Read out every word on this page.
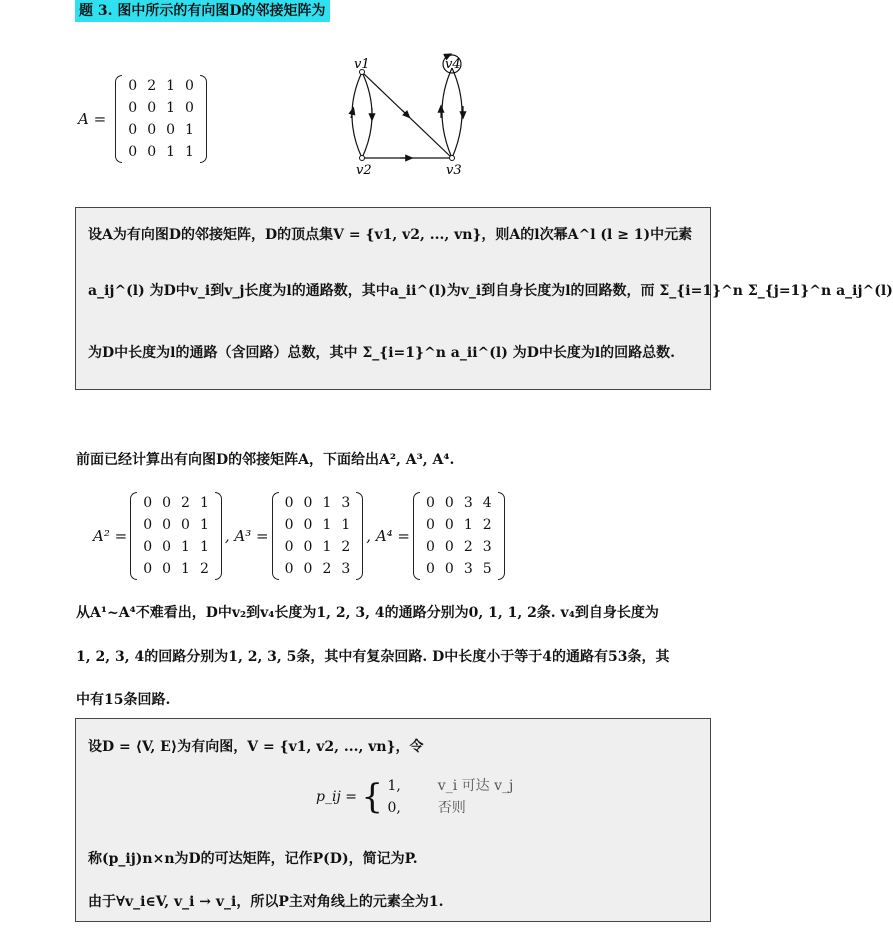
题 3. 图中所示的有向图D的邻接矩阵为
A =
0	2	1	0
0	0	1	0
0	0	0	1
0	0	1	1
v1
v2	v3
v4
设A为有向图D的邻接矩阵，D的顶点集V = {v1, v2, ..., vn}，则A的l次幂A^l (l ≥ 1)中元素
a_ij^(l) 为D中v_i到v_j长度为l的通路数，其中a_ii^(l)为v_i到自身长度为l的回路数，而 Σ_{i=1}^n Σ_{j=1}^n a_ij^(l)
为D中长度为l的通路（含回路）总数，其中 Σ_{i=1}^n a_ii^(l) 为D中长度为l的回路总数.
前面已经计算出有向图D的邻接矩阵A，下面给出A², A³, A⁴.
A² =
0	0	2	1
0	0	0	1
0	0	1	1
0	0	1	2
, A³ =
0	0	1	3
0	0	1	1
0	0	1	2
0	0	2	3
, A⁴ =
0	0	3	4
0	0	1	2
0	0	2	3
0	0	3	5
从A¹~A⁴不难看出，D中v₂到v₄长度为1, 2, 3, 4的通路分别为0, 1, 1, 2条. v₄到自身长度为
1, 2, 3, 4的回路分别为1, 2, 3, 5条，其中有复杂回路. D中长度小于等于4的通路有53条，其
中有15条回路.
设D = ⟨V, E⟩为有向图，V = {v1, v2, ..., vn}，令
p_ij = { 1,	v_i 可达 v_j
0,	否则
称(p_ij)n×n为D的可达矩阵，记作P(D)，简记为P.
由于∀v_i∈V, v_i → v_i，所以P主对角线上的元素全为1.
